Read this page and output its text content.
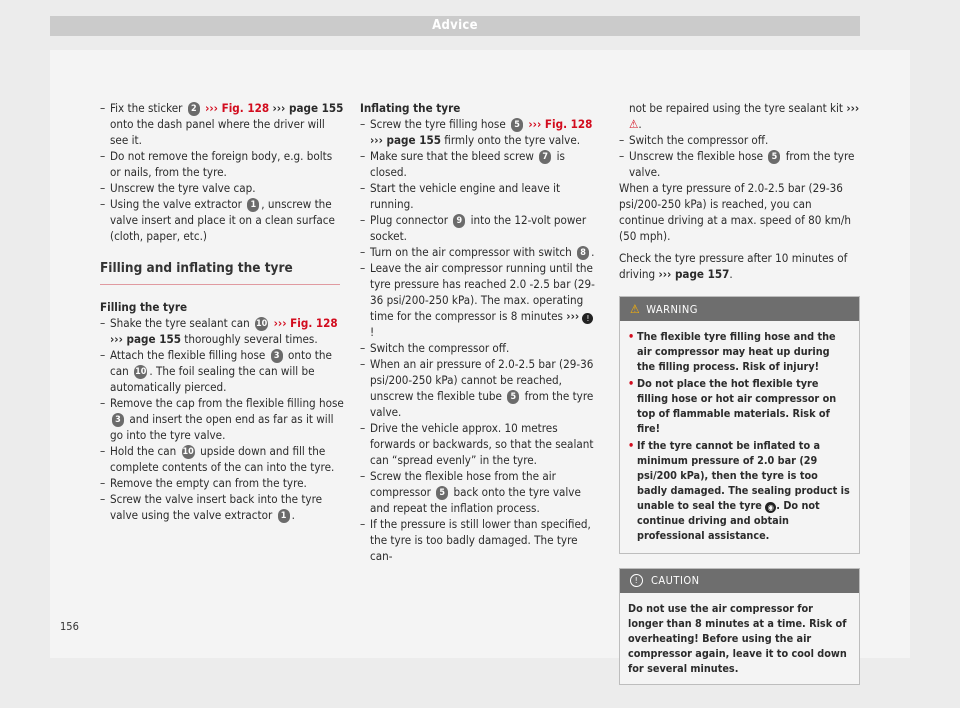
Advice

– Fix the sticker 2 ››› Fig. 128 ››› page 155 onto the dash panel where the driver will see it.

– Do not remove the foreign body, e.g. bolts or nails, from the tyre.

– Unscrew the tyre valve cap.

– Using the valve extractor 1 , unscrew the valve insert and place it on a clean surface (cloth, paper, etc.)

Filling and inflating the tyre

Filling the tyre

– Shake the tyre sealant can 10 ››› Fig. 128 ››› page 155 thoroughly several times.

– Attach the flexible filling hose 3 onto the can 10 . The foil sealing the can will be automatically pierced.

– Remove the cap from the flexible filling hose 3 and insert the open end as far as it will go into the tyre valve.

– Hold the can 10 upside down and fill the complete contents of the can into the tyre.

– Remove the empty can from the tyre.

– Screw the valve insert back into the tyre valve using the valve extractor 1 .

Inflating the tyre

– Screw the tyre filling hose 5 ››› Fig. 128 ››› page 155 firmly onto the tyre valve.

– Make sure that the bleed screw 7 is closed.

– Start the vehicle engine and leave it running.

– Plug connector 9 into the 12-volt power socket.

– Turn on the air compressor with switch 8 .

– Leave the air compressor running until the tyre pressure has reached 2.0 -2.5 bar (29-36 psi/200-250 kPa). The max. operating time for the compressor is 8 minutes ››› ! !

– Switch the compressor off.

– When an air pressure of 2.0-2.5 bar (29-36 psi/200-250 kPa) cannot be reached, unscrew the flexible tube 5 from the tyre valve.

– Drive the vehicle approx. 10 metres forwards or backwards, so that the sealant can “spread evenly” in the tyre.

– Screw the flexible hose from the air compressor 5 back onto the tyre valve and repeat the inflation process.

– If the pressure is still lower than specified, the tyre is too badly damaged. The tyre can-

not be repaired using the tyre sealant kit ››› ⚠.

– Switch the compressor off.

– Unscrew the flexible hose 5 from the tyre valve.

When a tyre pressure of 2.0-2.5 bar (29-36 psi/200-250 kPa) is reached, you can continue driving at a max. speed of 80 km/h (50 mph).

Check the tyre pressure after 10 minutes of driving ››› page 157.

⚠ WARNING
• The flexible tyre filling hose and the air compressor may heat up during the filling process. Risk of injury!
• Do not place the hot flexible tyre filling hose or hot air compressor on top of flammable materials. Risk of fire!
• If the tyre cannot be inflated to a minimum pressure of 2.0 bar (29 psi/200 kPa), then the tyre is too badly damaged. The sealing product is unable to seal the tyre ◉ . Do not continue driving and obtain professional assistance.
! CAUTION
Do not use the air compressor for longer than 8 minutes at a time. Risk of overheating! Before using the air compressor again, leave it to cool down for several minutes.
156
